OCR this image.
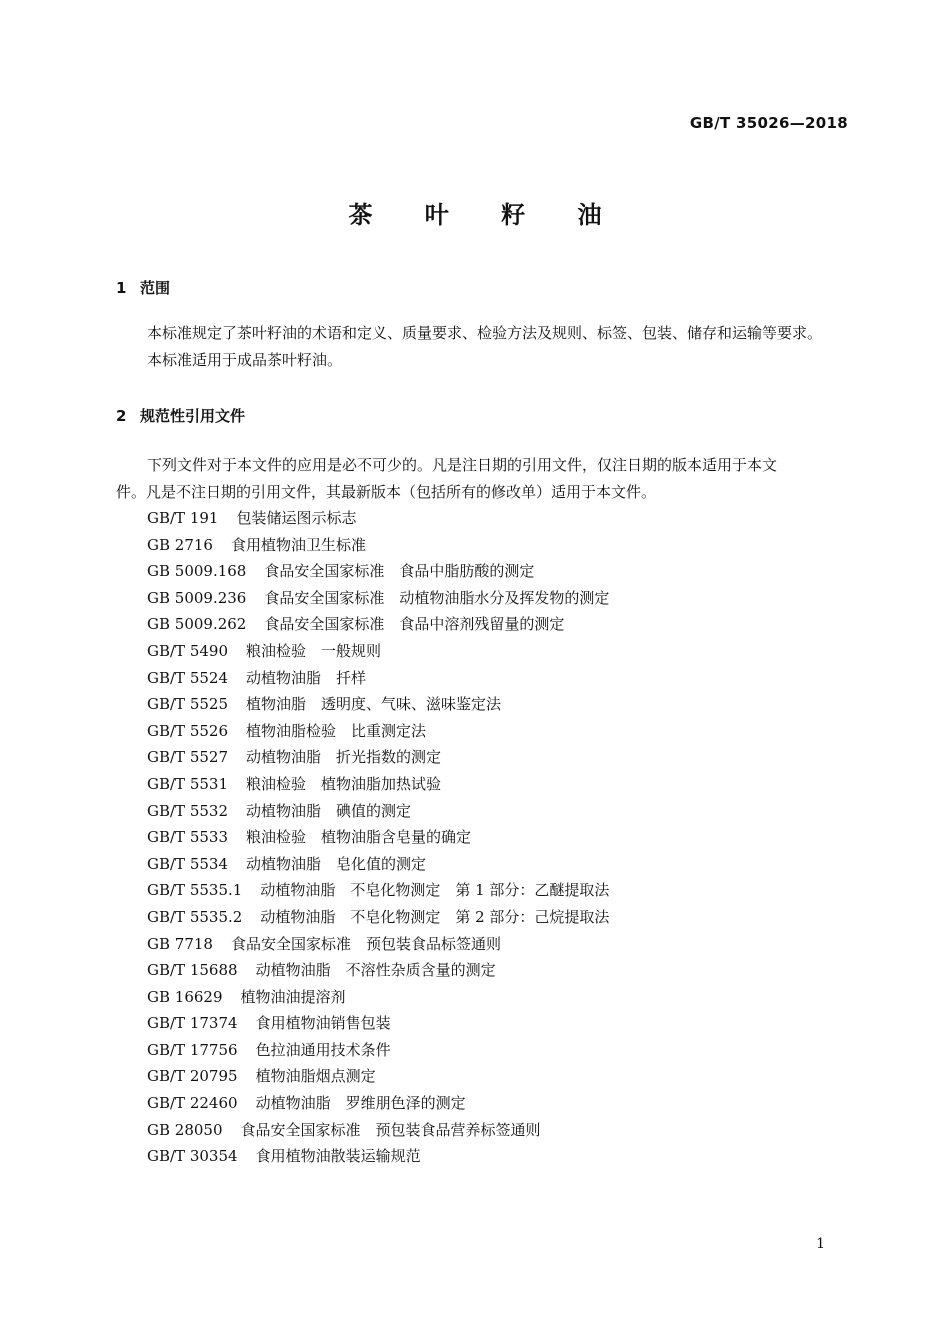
GB/T 35026—2018
茶 叶 籽 油
1 范围
本标准规定了茶叶籽油的术语和定义、质量要求、检验方法及规则、标签、包装、储存和运输等要求。
本标准适用于成品茶叶籽油。
2 规范性引用文件
下列文件对于本文件的应用是必不可少的。凡是注日期的引用文件，仅注日期的版本适用于本文
件。凡是不注日期的引用文件，其最新版本（包括所有的修改单）适用于本文件。
GB/T 191 包装储运图示标志
GB 2716 食用植物油卫生标准
GB 5009.168 食品安全国家标准　食品中脂肪酸的测定
GB 5009.236 食品安全国家标准　动植物油脂水分及挥发物的测定
GB 5009.262 食品安全国家标准　食品中溶剂残留量的测定
GB/T 5490 粮油检验　一般规则
GB/T 5524 动植物油脂　扦样
GB/T 5525 植物油脂　透明度、气味、滋味鉴定法
GB/T 5526 植物油脂检验　比重测定法
GB/T 5527 动植物油脂　折光指数的测定
GB/T 5531 粮油检验　植物油脂加热试验
GB/T 5532 动植物油脂　碘值的测定
GB/T 5533 粮油检验　植物油脂含皂量的确定
GB/T 5534 动植物油脂　皂化值的测定
GB/T 5535.1 动植物油脂　不皂化物测定　第 1 部分：乙醚提取法
GB/T 5535.2 动植物油脂　不皂化物测定　第 2 部分：己烷提取法
GB 7718 食品安全国家标准　预包装食品标签通则
GB/T 15688 动植物油脂　不溶性杂质含量的测定
GB 16629 植物油油提溶剂
GB/T 17374 食用植物油销售包装
GB/T 17756 色拉油通用技术条件
GB/T 20795 植物油脂烟点测定
GB/T 22460 动植物油脂　罗维朋色泽的测定
GB 28050 食品安全国家标准　预包装食品营养标签通则
GB/T 30354 食用植物油散装运输规范
1
